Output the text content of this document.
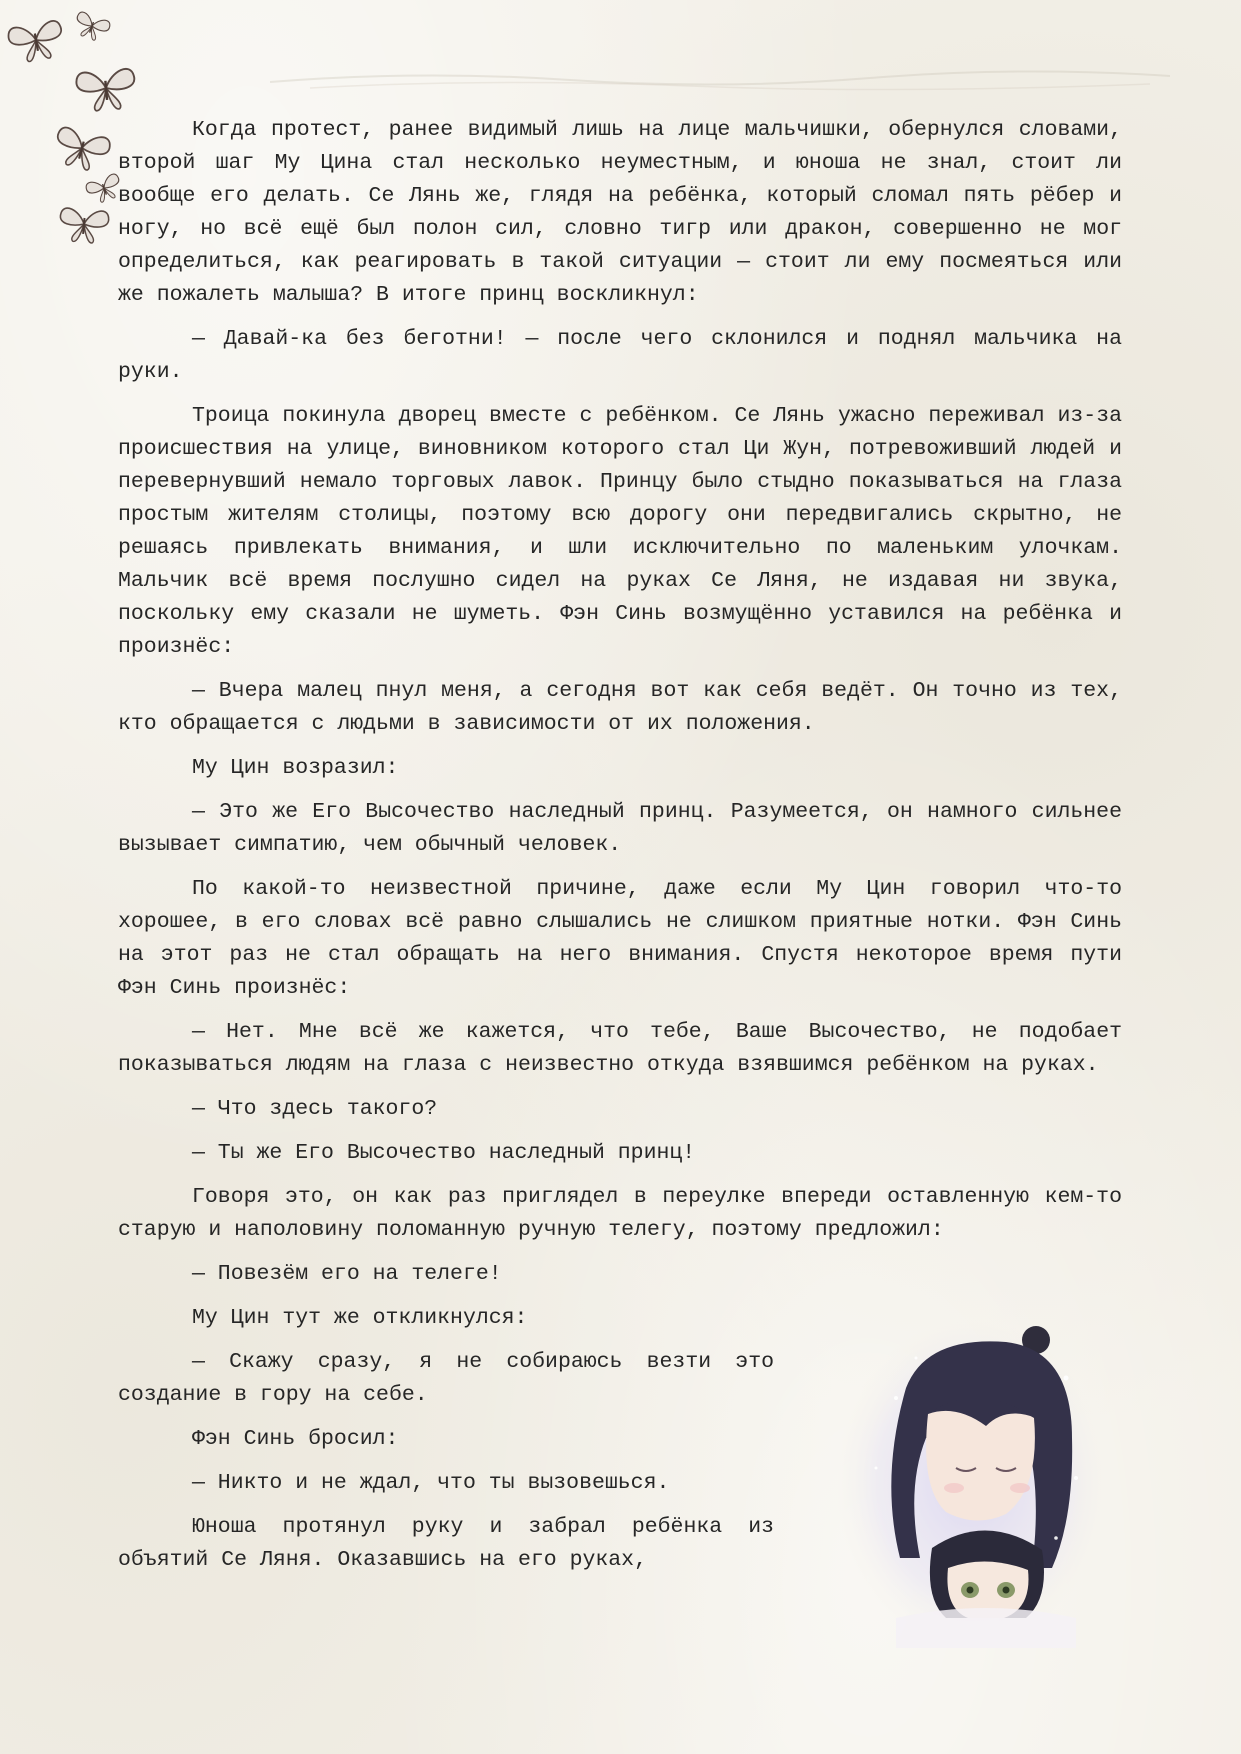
Когда протест, ранее видимый лишь на лице мальчишки, обернулся словами, второй шаг Му Цина стал несколько неуместным, и юноша не знал, стоит ли вообще его делать. Се Лянь же, глядя на ребёнка, который сломал пять рёбер и ногу, но всё ещё был полон сил, словно тигр или дракон, совершенно не мог определиться, как реагировать в такой ситуации — стоит ли ему посмеяться или же пожалеть малыша? В итоге принц воскликнул:

— Давай-ка без беготни! — после чего склонился и поднял мальчика на руки.

Троица покинула дворец вместе с ребёнком. Се Лянь ужасно переживал из-за происшествия на улице, виновником которого стал Ци Жун, потревоживший людей и перевернувший немало торговых лавок. Принцу было стыдно показываться на глаза простым жителям столицы, поэтому всю дорогу они передвигались скрытно, не решаясь привлекать внимания, и шли исключительно по маленьким улочкам. Мальчик всё время послушно сидел на руках Се Ляня, не издавая ни звука, поскольку ему сказали не шуметь. Фэн Синь возмущённо уставился на ребёнка и произнёс:

— Вчера малец пнул меня, а сегодня вот как себя ведёт. Он точно из тех, кто обращается с людьми в зависимости от их положения.

Му Цин возразил:

— Это же Его Высочество наследный принц. Разумеется, он намного сильнее вызывает симпатию, чем обычный человек.

По какой-то неизвестной причине, даже если Му Цин говорил что-то хорошее, в его словах всё равно слышались не слишком приятные нотки. Фэн Синь на этот раз не стал обращать на него внимания. Спустя некоторое время пути Фэн Синь произнёс:

— Нет. Мне всё же кажется, что тебе, Ваше Высочество, не подобает показываться людям на глаза с неизвестно откуда взявшимся ребёнком на руках.

— Что здесь такого?

— Ты же Его Высочество наследный принц!

Говоря это, он как раз приглядел в переулке впереди оставленную кем-то старую и наполовину поломанную ручную телегу, поэтому предложил:

— Повезём его на телеге!

Му Цин тут же откликнулся:

— Скажу сразу, я не собираюсь везти это создание в гору на себе.

Фэн Синь бросил:

— Никто и не ждал, что ты вызовешься.

Юноша протянул руку и забрал ребёнка из объятий Се Ляня. Оказавшись на его руках,
